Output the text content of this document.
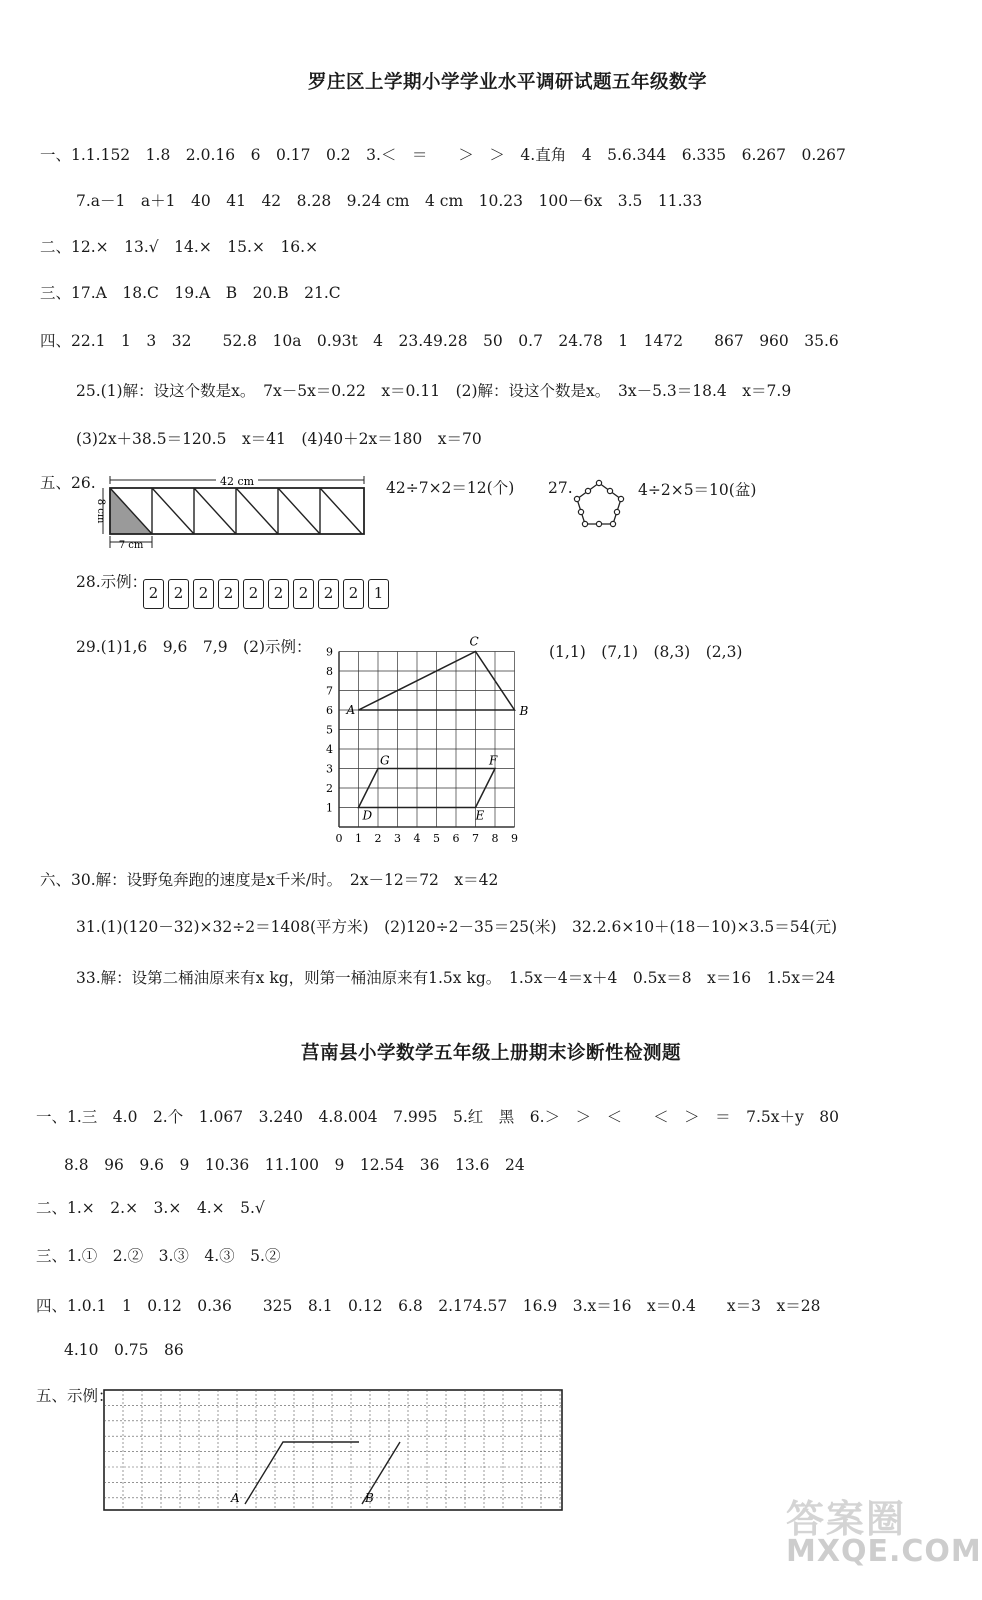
罗庄区上学期小学学业水平调研试题五年级数学
一、1.1.152　1.8　2.0.16　6　0.17　0.2　3.＜　＝　　＞　＞　4.直角　4　5.6.344　6.335　6.267　0.267
7.a－1　a＋1　40　41　42　8.28　9.24 cm　4 cm　10.23　100－6x　3.5　11.33
二、12.×　13.√　14.×　15.×　16.×
三、17.A　18.C　19.A　B　20.B　21.C
四、22.1　1　3　32　　52.8　10a　0.93t　4　23.49.28　50　0.7　24.78　1　1472　　867　960　35.6
25.(1)解：设这个数是x。　7x－5x＝0.22　x＝0.11　(2)解：设这个数是x。　3x－5.3＝18.4　x＝7.9
(3)2x＋38.5＝120.5　x＝41　(4)40＋2x＝180　x＝70
五、26.	42 cm
8 cm
7 cm
42÷7×2＝12(个) 27.	4÷2×5＝10(盆)
28.示例：
2	2	2	2	2	2	2	2	2	1
29.(1)1,6　9,6　7,9　(2)示例：	(1,1)　(7,1)　(8,3)　(2,3)
1
2
3
4
5
6
7
8
9
0 1 2 3 4 5 6 7 8 9
A	B
C
D	E
F
G
六、30.解：设野兔奔跑的速度是x千米/时。　2x－12＝72　x＝42
31.(1)(120－32)×32÷2＝1408(平方米)　(2)120÷2－35＝25(米)　32.2.6×10＋(18－10)×3.5＝54(元)
33.解：设第二桶油原来有x kg，则第一桶油原来有1.5x kg。　1.5x－4＝x＋4　0.5x＝8　x＝16　1.5x＝24
莒南县小学数学五年级上册期末诊断性检测题
一、1.三　4.0　2.个　1.067　3.240　4.8.004　7.995　5.红　黑　6.＞　＞　＜　　＜　＞　＝　7.5x＋y　80
8.8　96　9.6　9　10.36　11.100　9　12.54　36　13.6　24
二、1.×　2.×　3.×　4.×　5.√
三、1.①　2.②　3.③　4.③　5.②
四、1.0.1　1　0.12　0.36　　325　8.1　0.12　6.8　2.174.57　16.9　3.x＝16　x＝0.4　　x＝3　x＝28
4.10　0.75　86
五、示例：
A	B	答案圈
MXQE.COM
